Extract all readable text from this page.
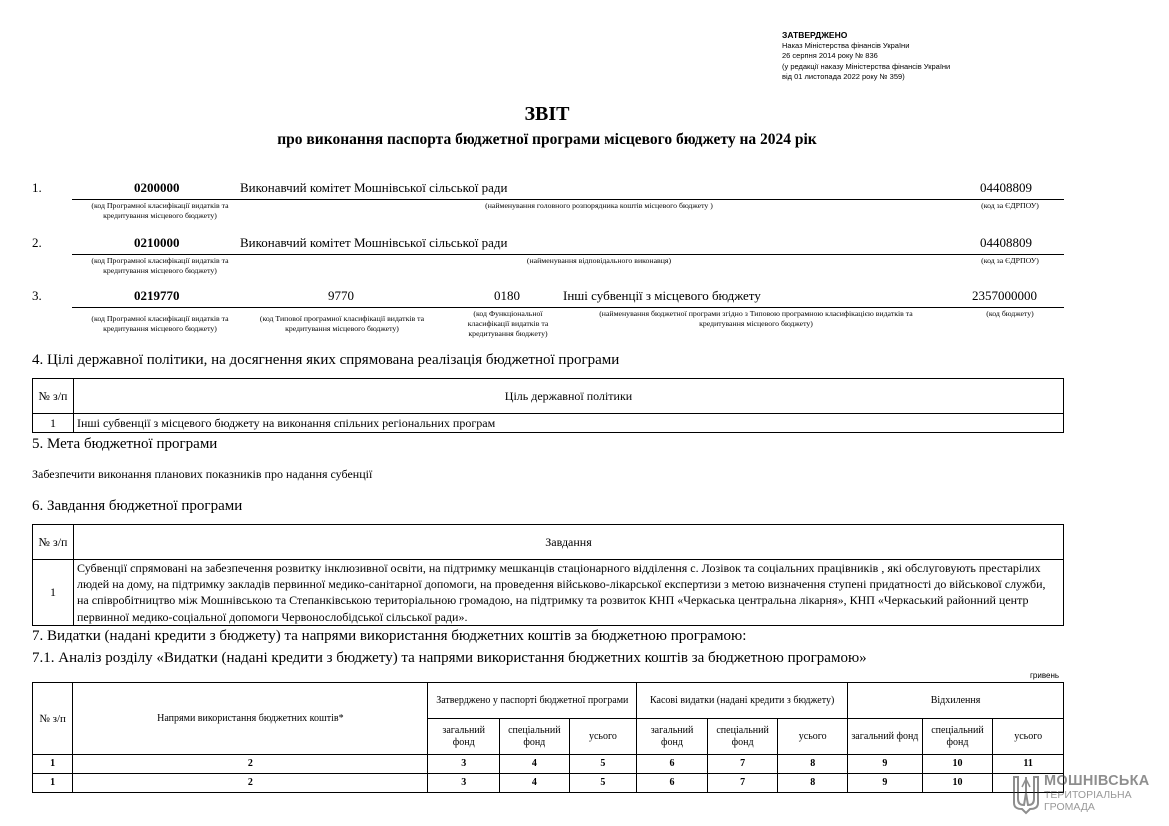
ЗАТВЕРДЖЕНО
Наказ Міністерства фінансів України
26 серпня 2014 року № 836
(у редакції наказу Міністерства фінансів України
від 01 листопада 2022 року № 359)
ЗВІТ
про виконання паспорта бюджетної програми місцевого бюджету на 2024 рік
1.	0200000	Виконавчий комітет Мошнівської сільської ради	04408809
(код Програмної класифікації видатків та кредитування місцевого бюджету)
(найменування головного розпорядника коштів місцевого бюджету )	(код за ЄДРПОУ)
2.	0210000	Виконавчий комітет Мошнівської сільської ради	04408809
(код Програмної класифікації видатків та кредитування місцевого бюджету)
(найменування відповідального виконавця)	(код за ЄДРПОУ)
3.	0219770	9770	0180	Інші субвенції з місцевого бюджету	2357000000
(код Програмної класифікації видатків та кредитування місцевого бюджету)
(код Типової програмної класифікації видатків та кредитування місцевого бюджету)
(код Функціональної класифікації видатків та кредитування бюджету)
(найменування бюджетної програми згідно з Типовою програмною класифікацією видатків та кредитування місцевого бюджету)
(код бюджету)
4. Цілі державної політики, на досягнення яких спрямована реалізація бюджетної програми
№ з/п	Ціль державної політики
1	Інші субвенції з місцевого бюджету на виконання спільних регіональних програм
5. Мета бюджетної програми
Забезпечити виконання планових показників про надання субенції
6. Завдання бюджетної програми
№ з/п	Завдання
1	Субвенції спрямовані на забезпечення розвитку інклюзивної освіти, на підтримку мешканців стаціонарного відділення с. Лозівок та соціальних працівників , які обслуговують престарілих людей на дому, на підтримку закладів первинної медико-санітарної допомоги, на проведення військово-лікарської експертизи з метою визначення ступені придатності до військової служби, на співробітництво між Мошнівською та Степанківською територіальною громадою, на підтримку та розвиток КНП «Черкаська центральна лікарня», КНП «Черкаський районний центр первинної медико-соціальної допомоги Червонослобідської сільської ради».
7. Видатки (надані кредити з бюджету) та напрями використання бюджетних коштів за бюджетною програмою:
7.1. Аналіз розділу «Видатки (надані кредити з бюджету) та напрями використання бюджетних коштів за бюджетною програмою»
гривень
№ з/п	Напрями використання бюджетних коштів*	Затверджено у паспорті бюджетної програми			Касові видатки (надані кредити з бюджету)			Відхилення		
		загальний фонд	спеціальний фонд	усього	загальний фонд	спеціальний фонд	усього	загальний фонд	спеціальний фонд	усього
1	2	3	4	5	6	7	8	9	10	11
1	2	3	4	5	6	7	8	9	10		МОШНІВСЬКА
ТЕРИТОРІАЛЬНА
ГРОМАДА
